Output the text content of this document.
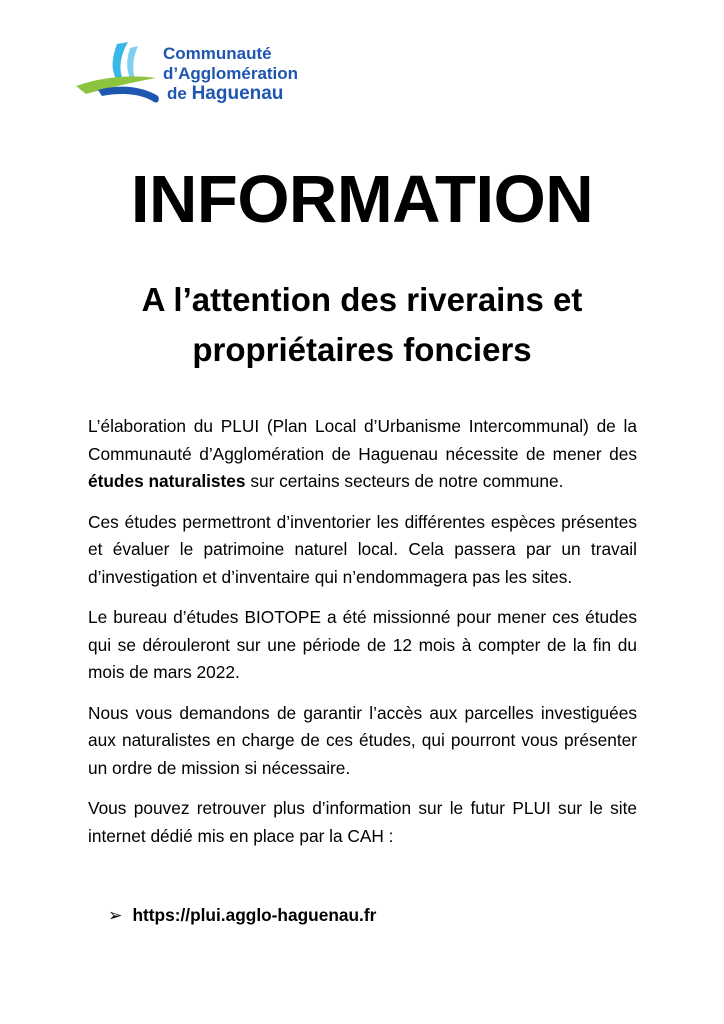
Communauté
d’Agglomération
de Haguenau
INFORMATION
A l’attention des riverains et
propriétaires fonciers

L’élaboration du PLUI (Plan Local d’Urbanisme Intercommunal) de la Communauté d’Agglomération de Haguenau nécessite de mener des études naturalistes sur certains secteurs de notre commune.

Ces études permettront d’inventorier les différentes espèces présentes et évaluer le patrimoine naturel local. Cela passera par un travail d’investigation et d’inventaire qui n’endommagera pas les sites.

Le bureau d’études BIOTOPE a été missionné pour mener ces études qui se dérouleront sur une période de 12 mois à compter de la fin du mois de mars 2022.

Nous vous demandons de garantir l’accès aux parcelles investiguées aux naturalistes en charge de ces études, qui pourront vous présenter un ordre de mission si nécessaire.

Vous pouvez retrouver plus d’information sur le futur PLUI sur le site internet dédié mis en place par la CAH :

➢ https://plui.agglo-haguenau.fr
